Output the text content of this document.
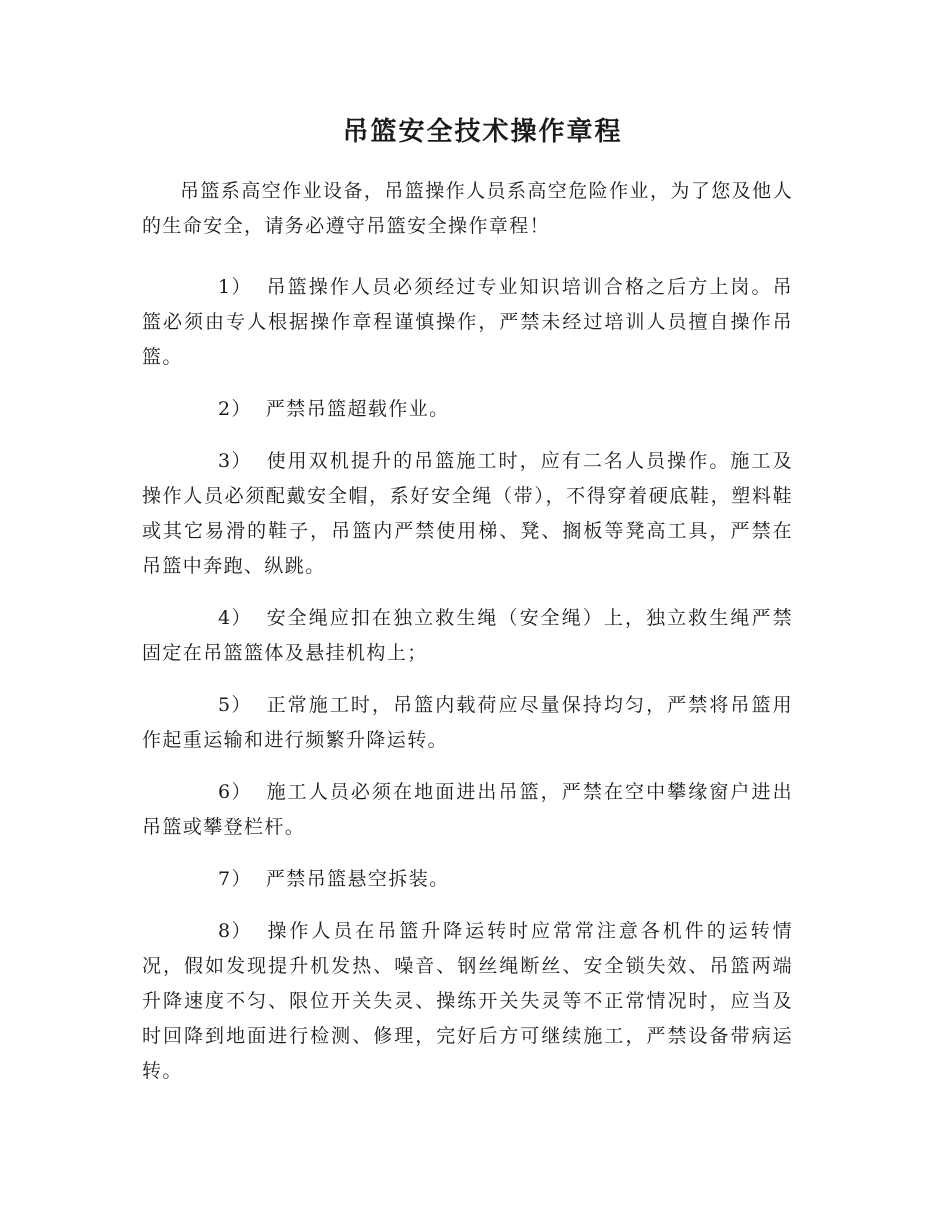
吊篮安全技术操作章程

吊篮系高空作业设备，吊篮操作人员系高空危险作业，为了您及他人的生命安全，请务必遵守吊篮安全操作章程！

1） 吊篮操作人员必须经过专业知识培训合格之后方上岗。吊篮必须由专人根据操作章程谨慎操作，严禁未经过培训人员擅自操作吊篮。

2） 严禁吊篮超载作业。

3） 使用双机提升的吊篮施工时，应有二名人员操作。施工及操作人员必须配戴安全帽，系好安全绳（带），不得穿着硬底鞋，塑料鞋或其它易滑的鞋子，吊篮内严禁使用梯、凳、搁板等凳高工具，严禁在吊篮中奔跑、纵跳。

4） 安全绳应扣在独立救生绳（安全绳）上，独立救生绳严禁固定在吊篮篮体及悬挂机构上；

5） 正常施工时，吊篮内载荷应尽量保持均匀，严禁将吊篮用作起重运输和进行频繁升降运转。

6） 施工人员必须在地面进出吊篮，严禁在空中攀缘窗户进出吊篮或攀登栏杆。

7） 严禁吊篮悬空拆装。

8） 操作人员在吊篮升降运转时应常常注意各机件的运转情况，假如发现提升机发热、噪音、钢丝绳断丝、安全锁失效、吊篮两端升降速度不匀、限位开关失灵、操练开关失灵等不正常情况时，应当及时回降到地面进行检测、修理，完好后方可继续施工，严禁设备带病运转。
